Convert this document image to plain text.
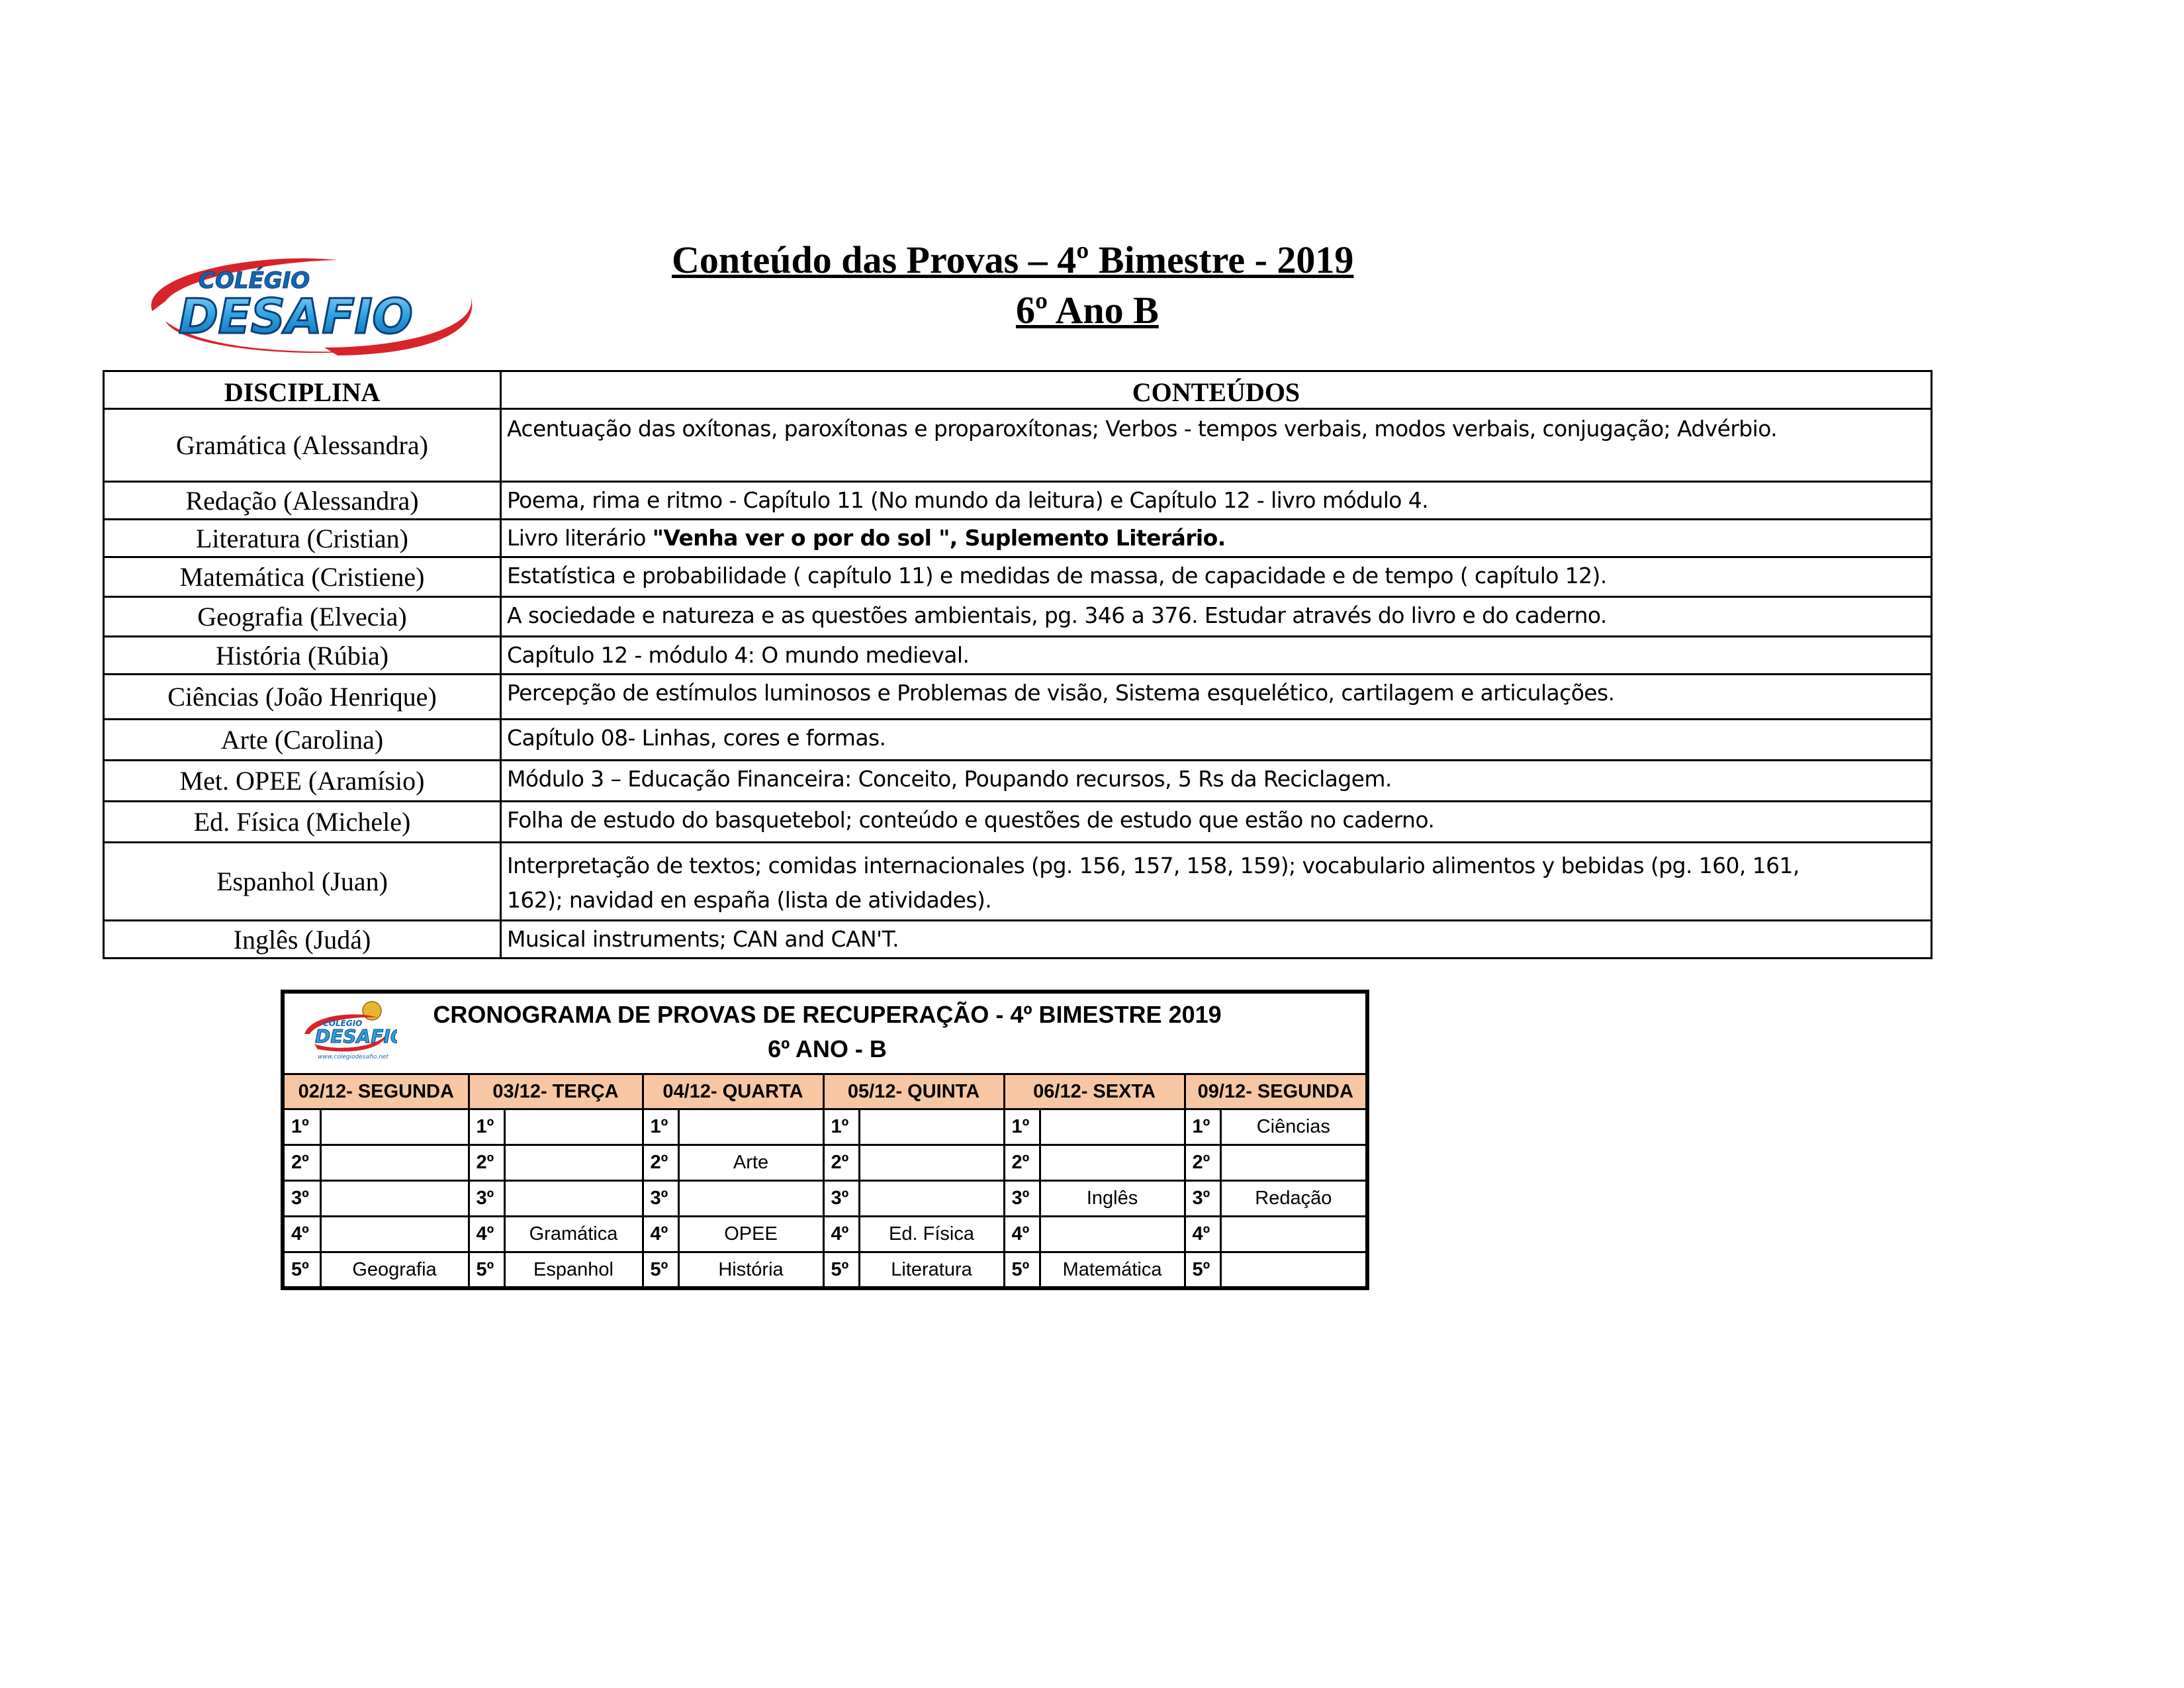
COLÉGIO
DESAFIO
Conteúdo das Provas – 4º Bimestre - 2019
6º Ano B
DISCIPLINA	CONTEÚDOS
Gramática (Alessandra)	Acentuação das oxítonas, paroxítonas e proparoxítonas; Verbos - tempos verbais, modos verbais, conjugação; Advérbio.

Redação (Alessandra)	Poema, rima e ritmo - Capítulo 11 (No mundo da leitura) e Capítulo 12 - livro módulo 4.
Literatura (Cristian)	Livro literário "Venha ver o por do sol ", Suplemento Literário.
Matemática (Cristiene)	Estatística e probabilidade ( capítulo 11) e medidas de massa, de capacidade e de tempo ( capítulo 12).
Geografia (Elvecia)	A sociedade e natureza e as questões ambientais, pg. 346 a 376. Estudar através do livro e do caderno.
História (Rúbia)	Capítulo 12 - módulo 4: O mundo medieval.
Ciências (João Henrique)	Percepção de estímulos luminosos e Problemas de visão, Sistema esquelético, cartilagem e articulações.
Arte (Carolina)	Capítulo 08- Linhas, cores e formas.
Met. OPEE (Aramísio)	Módulo 3 – Educação Financeira: Conceito, Poupando recursos, 5 Rs da Reciclagem.
Ed. Física (Michele)	Folha de estudo do basquetebol; conteúdo e questões de estudo que estão no caderno.
Espanhol (Juan)	Interpretação de textos; comidas internacionales (pg. 156, 157, 158, 159); vocabulario alimentos y bebidas (pg. 160, 161,
162); navidad en españa (lista de atividades).

Inglês (Judá)	Musical instruments; CAN and CAN'T.
COLÉGIO
DESAFIO
www.colegiodesafio.net
CRONOGRAMA DE PROVAS DE RECUPERAÇÃO - 4º BIMESTRE 2019
6º ANO - B
02/12- SEGUNDA		03/12- TERÇA		04/12- QUARTA		05/12- QUINTA		06/12- SEXTA		09/12- SEGUNDA	
1º		1º		1º		1º		1º		1º	Ciências
2º		2º		2º	Arte	2º		2º		2º	
3º		3º		3º		3º		3º	Inglês	3º	Redação
4º		4º	Gramática	4º	OPEE	4º	Ed. Física	4º		4º	
5º	Geografia	5º	Espanhol	5º	História	5º	Literatura	5º	Matemática	5º	
